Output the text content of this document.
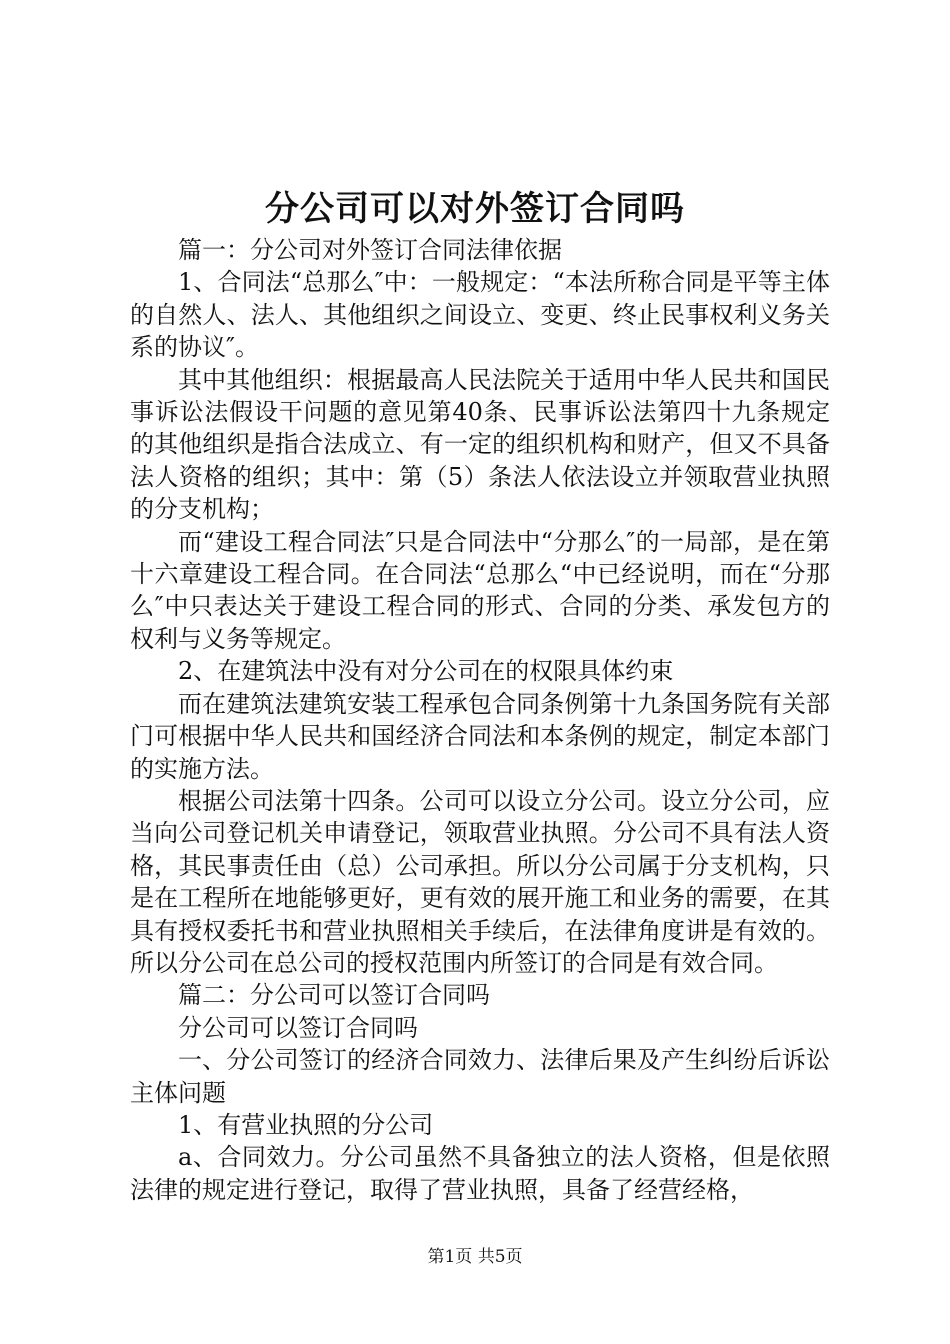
分公司可以对外签订合同吗

篇一：分公司对外签订合同法律依据

1、合同法“总那么″中：一般规定：“本法所称合同是平等主体的自然人、法人、其他组织之间设立、变更、终止民事权利义务关系的协议″。

其中其他组织：根据最高人民法院关于适用中华人民共和国民事诉讼法假设干问题的意见第40条、民事诉讼法第四十九条规定的其他组织是指合法成立、有一定的组织机构和财产，但又不具备法人资格的组织；其中：第（5）条法人依法设立并领取营业执照的分支机构；

而“建设工程合同法″只是合同法中“分那么″的一局部，是在第十六章建设工程合同。在合同法“总那么“中已经说明，而在“分那么″中只表达关于建设工程合同的形式、合同的分类、承发包方的权利与义务等规定。

2、在建筑法中没有对分公司在的权限具体约束

而在建筑法建筑安装工程承包合同条例第十九条国务院有关部门可根据中华人民共和国经济合同法和本条例的规定，制定本部门的实施方法。

根据公司法第十四条。公司可以设立分公司。设立分公司，应当向公司登记机关申请登记，领取营业执照。分公司不具有法人资格，其民事责任由（总）公司承担。所以分公司属于分支机构，只是在工程所在地能够更好，更有效的展开施工和业务的需要，在其具有授权委托书和营业执照相关手续后，在法律角度讲是有效的。所以分公司在总公司的授权范围内所签订的合同是有效合同。

篇二：分公司可以签订合同吗

分公司可以签订合同吗

一、分公司签订的经济合同效力、法律后果及产生纠纷后诉讼主体问题

1、有营业执照的分公司

a、合同效力。分公司虽然不具备独立的法人资格，但是依照法律的规定进行登记，取得了营业执照，具备了经营经格，

第1页 共5页
